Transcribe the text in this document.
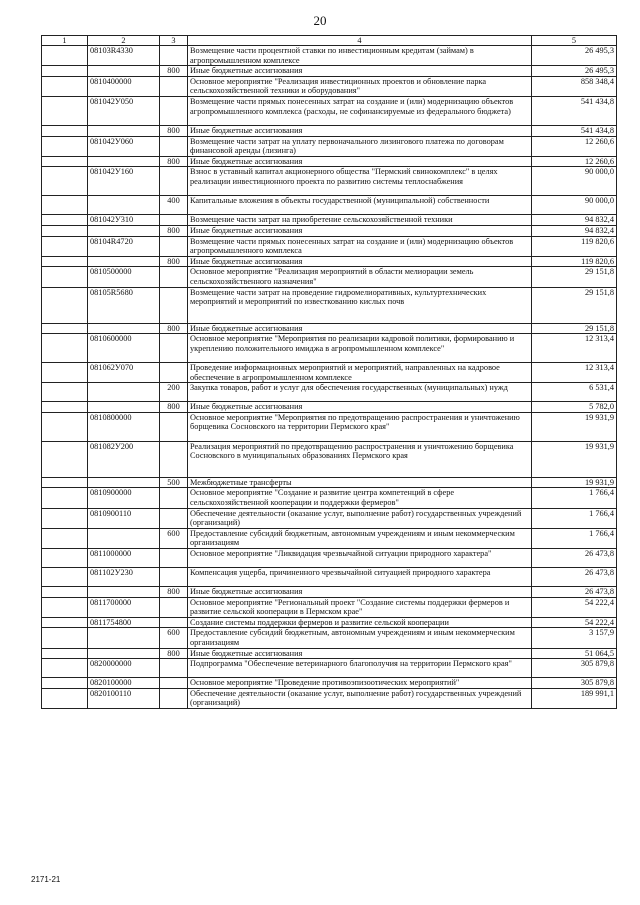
20
1	2	3	4	5
	08103R4330		Возмещение части процентной ставки по инвестиционным кредитам (займам) в агропромышленном комплексе	26 495,3
		800	Иные бюджетные ассигнования	26 495,3
	0810400000		Основное мероприятие "Реализация инвестиционных проектов и обновление парка сельскохозяйственной техники и оборудования"	858 348,4
	081042У050		Возмещение части прямых понесенных затрат на создание и (или) модернизацию объектов агропромышленного комплекса (расходы, не софинансируемые из федерального бюджета)	541 434,8
		800	Иные бюджетные ассигнования	541 434,8
	081042У060		Возмещение части затрат на уплату первоначального лизингового платежа по договорам финансовой аренды (лизинга)	12 260,6
		800	Иные бюджетные ассигнования	12 260,6
	081042У160		Взнос в уставный капитал акционерного общества "Пермский свинокомплекс" в целях реализации инвестиционного проекта по развитию системы теплоснабжения	90 000,0
		400	Капитальные вложения в объекты государственной (муниципальной) собственности	90 000,0
	081042У310		Возмещение части затрат на приобретение сельскохозяйственной техники	94 832,4
		800	Иные бюджетные ассигнования	94 832,4
	08104R4720		Возмещение части прямых понесенных затрат на создание и (или) модернизацию объектов агропромышленного комплекса	119 820,6
		800	Иные бюджетные ассигнования	119 820,6
	0810500000		Основное мероприятие "Реализация мероприятий в области мелиорации земель сельскохозяйственного назначения"	29 151,8
	08105R5680		Возмещение части затрат на проведение гидромелиоративных, культуртехнических мероприятий и мероприятий по известкованию кислых почв	29 151,8
		800	Иные бюджетные ассигнования	29 151,8
	0810600000		Основное мероприятие "Мероприятия по реализации кадровой политики, формированию и укреплению положительного имиджа в агропромышленном комплексе"	12 313,4
	081062У070		Проведение информационных мероприятий и мероприятий, направленных на кадровое обеспечение в агропромышленном комплексе	12 313,4
		200	Закупка товаров, работ и услуг для обеспечения государственных (муниципальных) нужд	6 531,4
		800	Иные бюджетные ассигнования	5 782,0
	0810800000		Основное мероприятие "Мероприятия по предотвращению распространения и уничтожению борщевика Сосновского на территории Пермского края"	19 931,9
	081082У200		Реализация мероприятий по предотвращению распространения и уничтожению борщевика Сосновского в муниципальных образованиях Пермского края	19 931,9
		500	Межбюджетные трансферты	19 931,9
	0810900000		Основное мероприятие "Создание и развитие центра компетенций в сфере сельскохозяйственной кооперации и поддержки фермеров"	1 766,4
	0810900110		Обеспечение деятельности (оказание услуг, выполнение работ) государственных учреждений (организаций)	1 766,4
		600	Предоставление субсидий бюджетным, автономным учреждениям и иным некоммерческим организациям	1 766,4
	0811000000		Основное мероприятие "Ликвидация чрезвычайной ситуации природного характера"	26 473,8
	081102У230		Компенсация ущерба, причиненного чрезвычайной ситуацией природного характера	26 473,8
		800	Иные бюджетные ассигнования	26 473,8
	0811700000		Основное мероприятие "Региональный проект "Создание системы поддержки фермеров и развитие сельской кооперации в Пермском крае"	54 222,4
	0811754800		Создание системы поддержки фермеров и развитие сельской кооперации	54 222,4
		600	Предоставление субсидий бюджетным, автономным учреждениям и иным некоммерческим организациям	3 157,9
		800	Иные бюджетные ассигнования	51 064,5
	0820000000		Подпрограмма "Обеспечение ветеринарного благополучия на территории Пермского края"	305 879,8
	0820100000		Основное мероприятие "Проведение противоэпизоотических мероприятий"	305 879,8
	0820100110		Обеспечение деятельности (оказание услуг, выполнение работ) государственных учреждений (организаций)	189 991,1
2171-21
